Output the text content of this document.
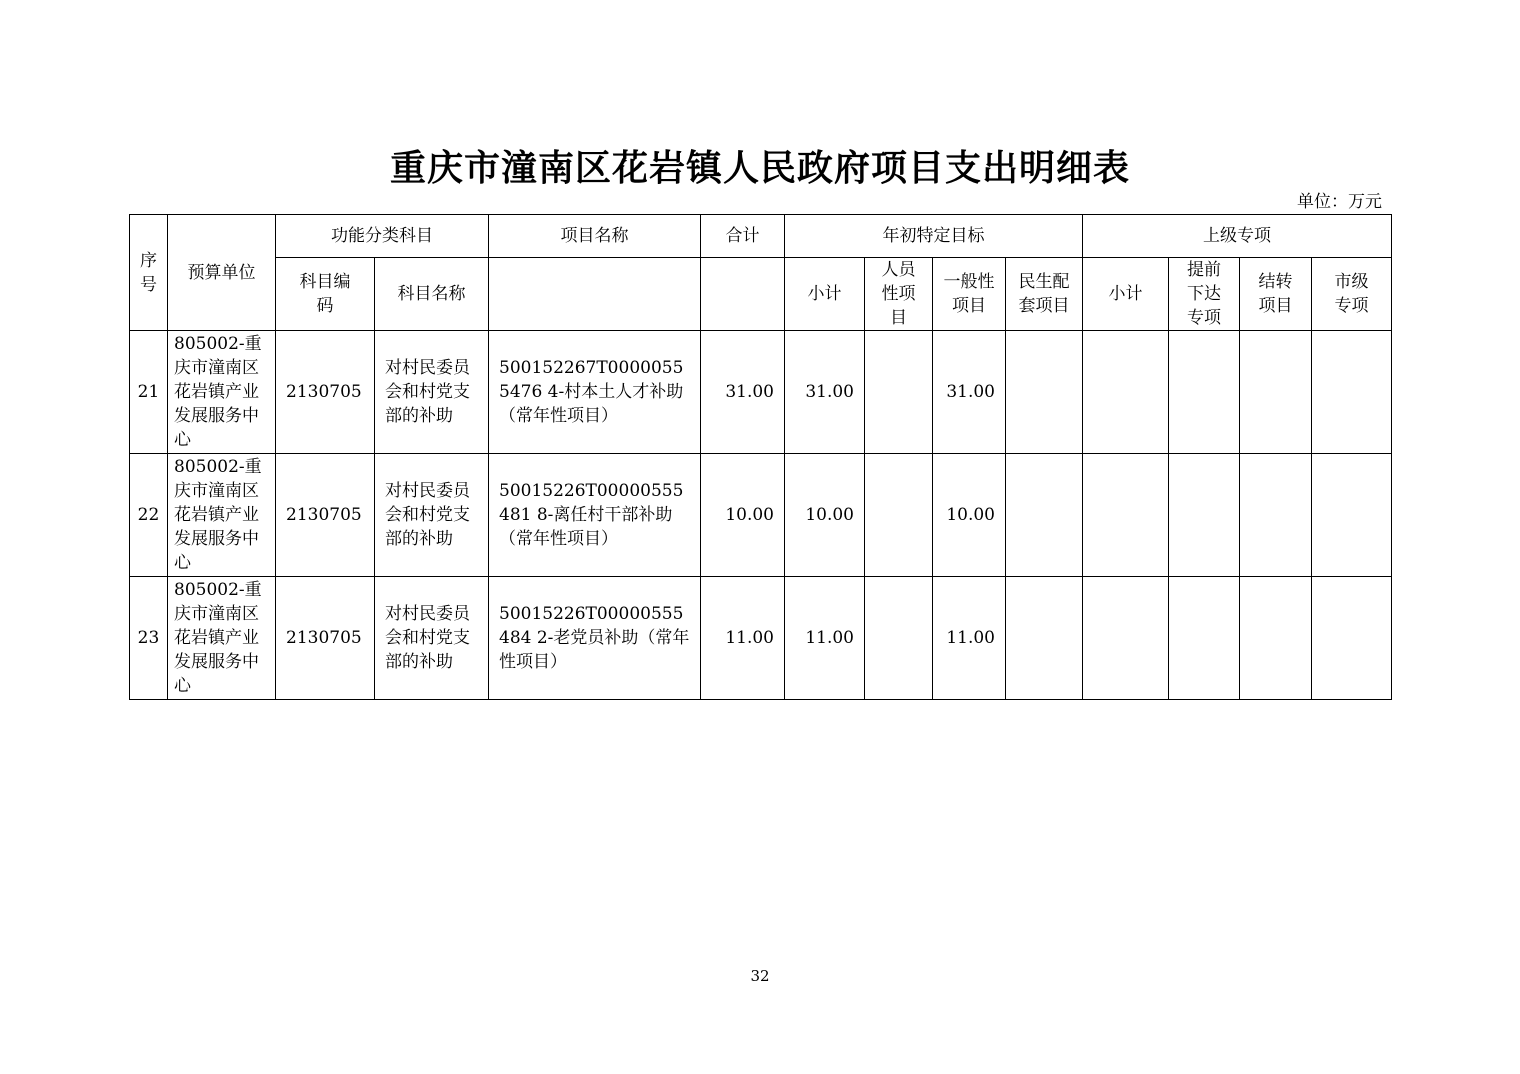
重庆市潼南区花岩镇人民政府项目支出明细表
单位：万元
序号	预算单位	功能分类科目		项目名称	合计	年初特定目标				上级专项			
		科目编码	科目名称			小计	人员性项目	一般性项目	民生配套项目	小计	提前下达专项	结转项目	市级专项
21	805002-重庆市潼南区花岩镇产业发展服务中心	2130705	对村民委员会和村党支部的补助	500152267T00000555476 4-村本土人才补助（常年性项目）	31.00	31.00		31.00					
22	805002-重庆市潼南区花岩镇产业发展服务中心	2130705	对村民委员会和村党支部的补助	50015226T00000555481 8-离任村干部补助（常年性项目）	10.00	10.00		10.00					
23	805002-重庆市潼南区花岩镇产业发展服务中心	2130705	对村民委员会和村党支部的补助	50015226T00000555484 2-老党员补助（常年性项目）	11.00	11.00		11.00					
32
